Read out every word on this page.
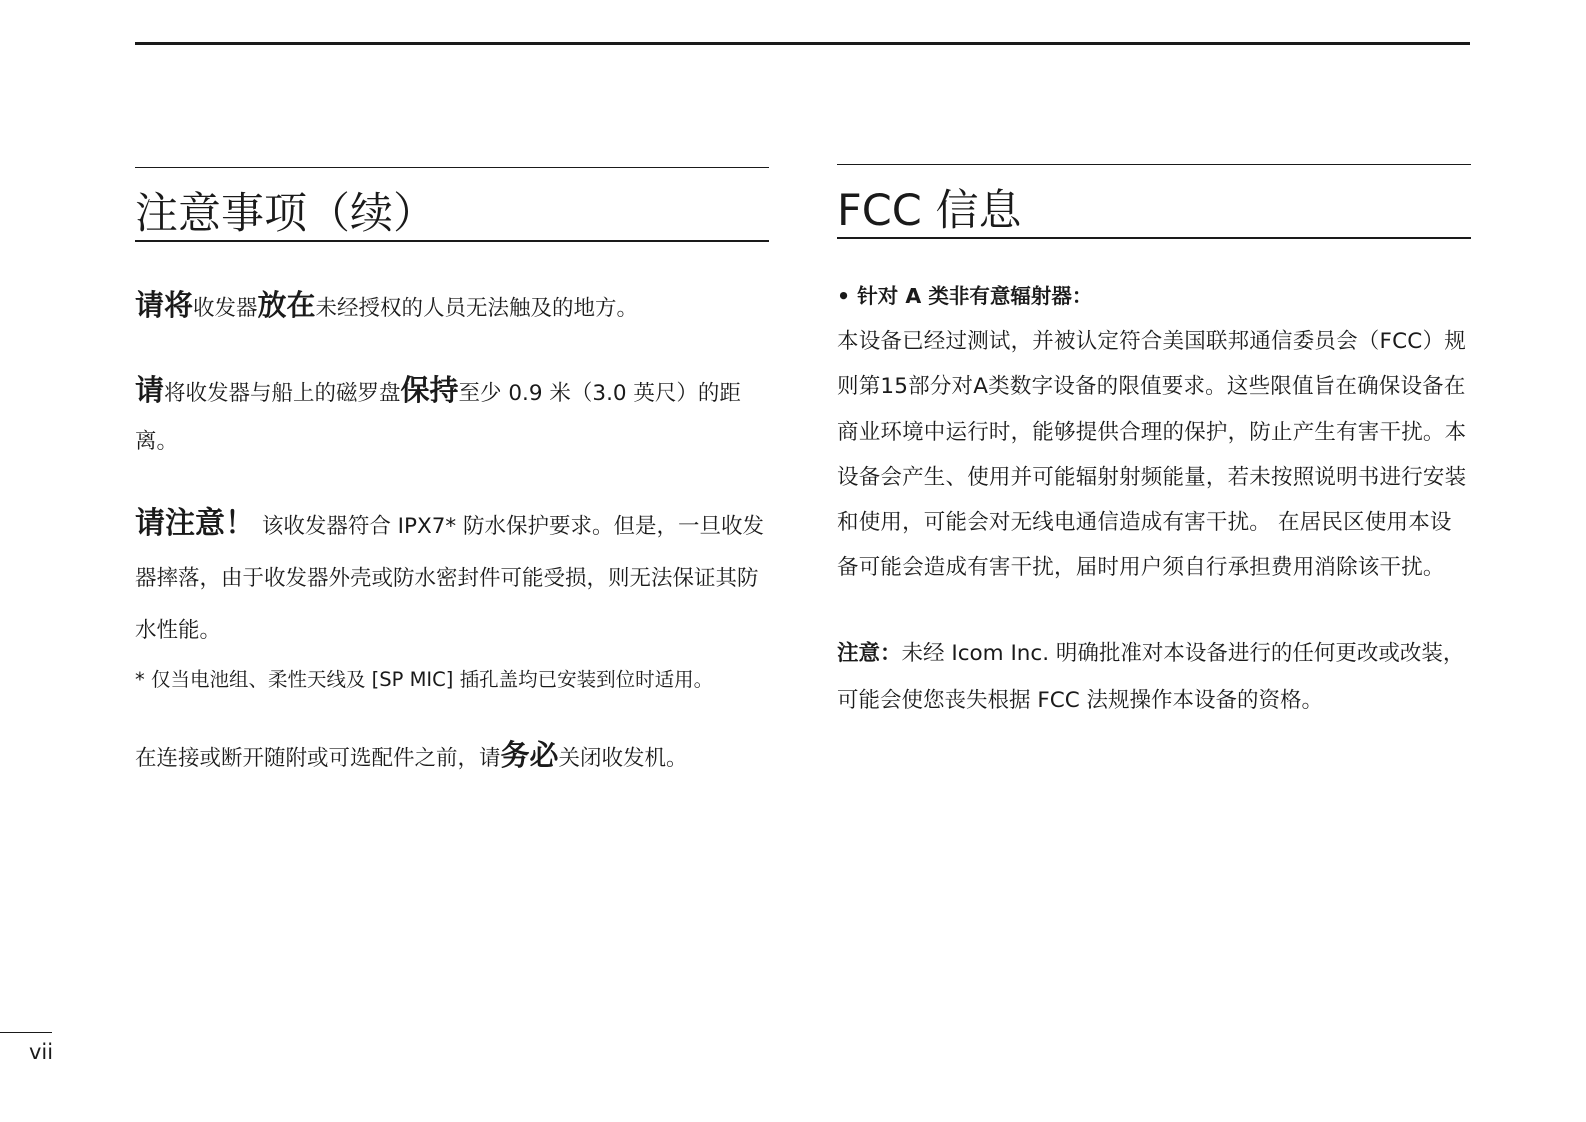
注意事项（续）

请将收发器放在未经授权的人员无法触及的地方。

请将收发器与船上的磁罗盘保持至少 0.9 米（3.0 英尺）的距离。

请注意！ 该收发器符合 IPX7* 防水保护要求。但是，一旦收发器摔落，由于收发器外壳或防水密封件可能受损，则无法保证其防水性能。

* 仅当电池组、柔性天线及 [SP MIC] 插孔盖均已安装到位时适用。

在连接或断开随附或可选配件之前，请务必关闭收发机。

FCC 信息

• 针对 A 类非有意辐射器：

本设备已经过测试，并被认定符合美国联邦通信委员会（FCC）规则第15部分对A类数字设备的限值要求。这些限值旨在确保设备在商业环境中运行时，能够提供合理的保护，防止产生有害干扰。本设备会产生、使用并可能辐射射频能量，若未按照说明书进行安装和使用，可能会对无线电通信造成有害干扰。 在居民区使用本设备可能会造成有害干扰，届时用户须自行承担费用消除该干扰。

注意：未经 Icom Inc. 明确批准对本设备进行的任何更改或改装，可能会使您丧失根据 FCC 法规操作本设备的资格。

vii
